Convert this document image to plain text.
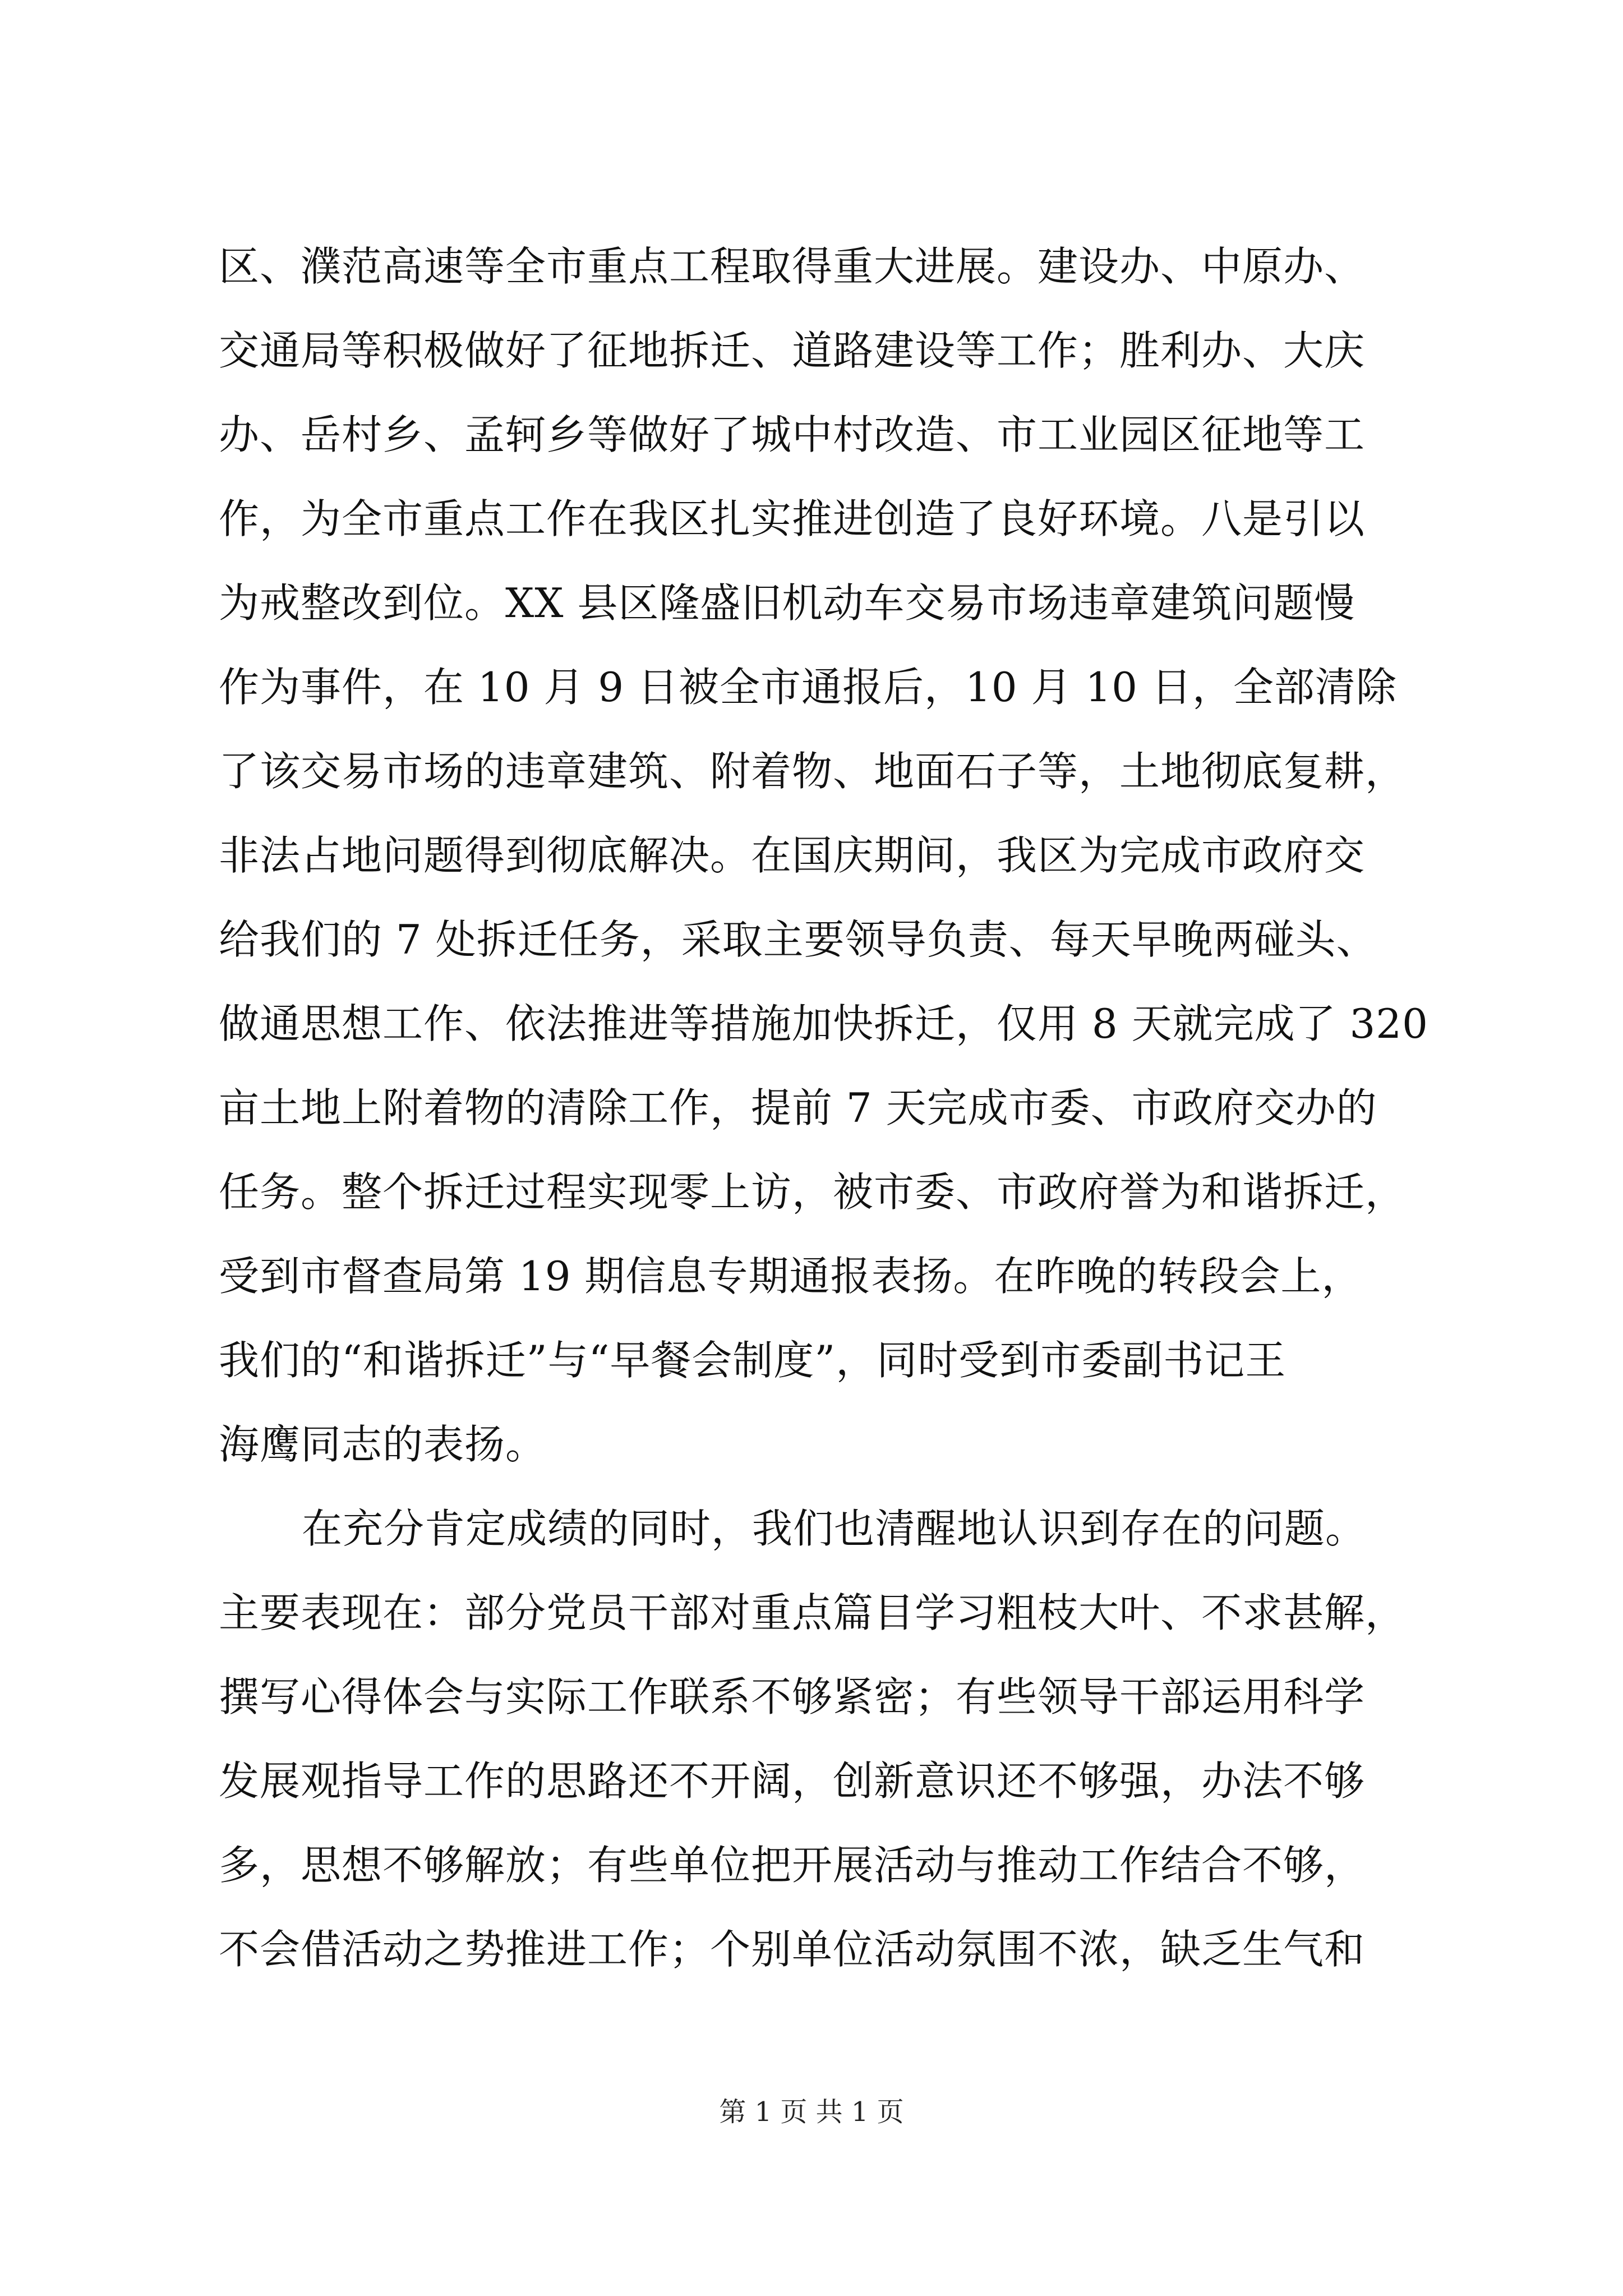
区、濮范高速等全市重点工程取得重大进展。建设办、中原办、
交通局等积极做好了征地拆迁、道路建设等工作；胜利办、大庆
办、岳村乡、孟轲乡等做好了城中村改造、市工业园区征地等工
作，为全市重点工作在我区扎实推进创造了良好环境。八是引以
为戒整改到位。XX 县区隆盛旧机动车交易市场违章建筑问题慢
作为事件，在 10 月 9 日被全市通报后，10 月 10 日，全部清除
了该交易市场的违章建筑、附着物、地面石子等，土地彻底复耕，
非法占地问题得到彻底解决。在国庆期间，我区为完成市政府交
给我们的 7 处拆迁任务，采取主要领导负责、每天早晚两碰头、
做通思想工作、依法推进等措施加快拆迁，仅用 8 天就完成了 320
亩土地上附着物的清除工作，提前 7 天完成市委、市政府交办的
任务。整个拆迁过程实现零上访，被市委、市政府誉为和谐拆迁，
受到市督查局第 19 期信息专期通报表扬。在昨晚的转段会上，
我们的“和谐拆迁”与“早餐会制度”，同时受到市委副书记王
海鹰同志的表扬。
在充分肯定成绩的同时，我们也清醒地认识到存在的问题。
主要表现在：部分党员干部对重点篇目学习粗枝大叶、不求甚解，
撰写心得体会与实际工作联系不够紧密；有些领导干部运用科学
发展观指导工作的思路还不开阔，创新意识还不够强，办法不够
多，思想不够解放；有些单位把开展活动与推动工作结合不够，
不会借活动之势推进工作；个别单位活动氛围不浓，缺乏生气和
第 1 页 共 1 页
